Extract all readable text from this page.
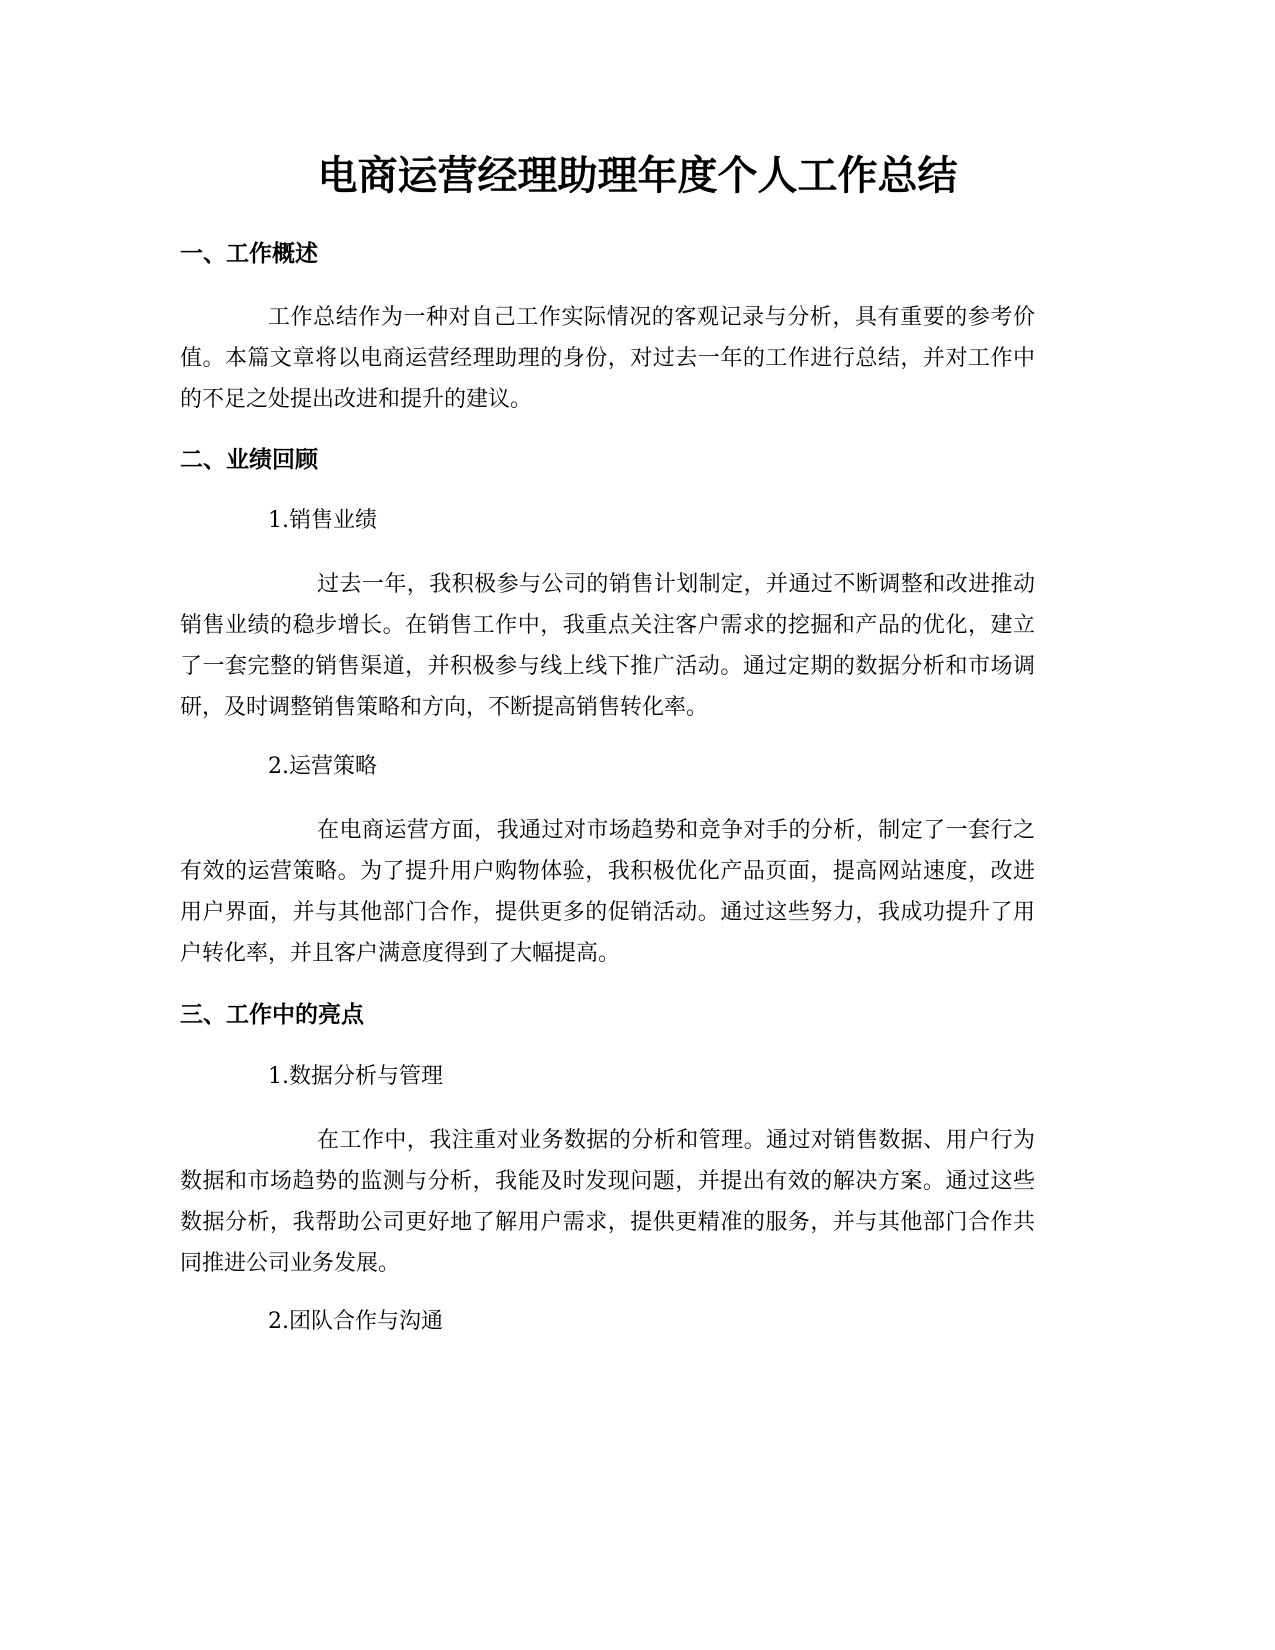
电商运营经理助理年度个人工作总结
一、工作概述

工作总结作为一种对自己工作实际情况的客观记录与分析，具有重要的参考价值。本篇文章将以电商运营经理助理的身份，对过去一年的工作进行总结，并对工作中的不足之处提出改进和提升的建议。

二、业绩回顾
1.销售业绩

过去一年，我积极参与公司的销售计划制定，并通过不断调整和改进推动销售业绩的稳步增长。在销售工作中，我重点关注客户需求的挖掘和产品的优化，建立了一套完整的销售渠道，并积极参与线上线下推广活动。通过定期的数据分析和市场调研，及时调整销售策略和方向，不断提高销售转化率。

2.运营策略

在电商运营方面，我通过对市场趋势和竞争对手的分析，制定了一套行之有效的运营策略。为了提升用户购物体验，我积极优化产品页面，提高网站速度，改进用户界面，并与其他部门合作，提供更多的促销活动。通过这些努力，我成功提升了用户转化率，并且客户满意度得到了大幅提高。

三、工作中的亮点
1.数据分析与管理

在工作中，我注重对业务数据的分析和管理。通过对销售数据、用户行为数据和市场趋势的监测与分析，我能及时发现问题，并提出有效的解决方案。通过这些数据分析，我帮助公司更好地了解用户需求，提供更精准的服务，并与其他部门合作共同推进公司业务发展。

2.团队合作与沟通
